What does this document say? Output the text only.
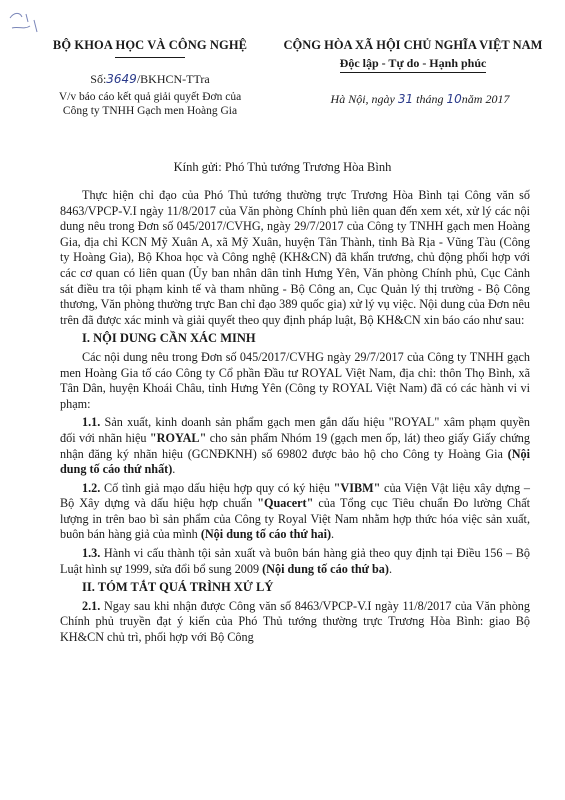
BỘ KHOA HỌC VÀ CÔNG NGHỆ	CỘNG HÒA XÃ HỘI CHỦ NGHĨA VIỆT NAM
Độc lập - Tự do - Hạnh phúc
Số:3649/BKHCN-TTra
V/v báo cáo kết quả giải quyết Đơn của
Công ty TNHH Gạch men Hoàng Gia
Hà Nội, ngày 31 tháng 10năm 2017
Kính gửi: Phó Thủ tướng Trương Hòa Bình

Thực hiện chỉ đạo của Phó Thủ tướng thường trực Trương Hòa Bình tại Công văn số 8463/VPCP-V.I ngày 11/8/2017 của Văn phòng Chính phủ liên quan đến xem xét, xử lý các nội dung nêu trong Đơn số 045/2017/CVHG, ngày 29/7/2017 của Công ty TNHH gạch men Hoàng Gia, địa chỉ KCN Mỹ Xuân A, xã Mỹ Xuân, huyện Tân Thành, tỉnh Bà Rịa - Vũng Tàu (Công ty Hoàng Gia), Bộ Khoa học và Công nghệ (KH&CN) đã khẩn trương, chủ động phối hợp với các cơ quan có liên quan (Ủy ban nhân dân tỉnh Hưng Yên, Văn phòng Chính phủ, Cục Cảnh sát điều tra tội phạm kinh tế và tham nhũng - Bộ Công an, Cục Quản lý thị trường - Bộ Công thương, Văn phòng thường trực Ban chỉ đạo 389 quốc gia) xử lý vụ việc. Nội dung của Đơn nêu trên đã được xác minh và giải quyết theo quy định pháp luật, Bộ KH&CN xin báo cáo như sau:

I. NỘI DUNG CẦN XÁC MINH

Các nội dung nêu trong Đơn số 045/2017/CVHG ngày 29/7/2017 của Công ty TNHH gạch men Hoàng Gia tố cáo Công ty Cổ phần Đầu tư ROYAL Việt Nam, địa chỉ: thôn Thọ Bình, xã Tân Dân, huyện Khoái Châu, tỉnh Hưng Yên (Công ty ROYAL Việt Nam) đã có các hành vi vi phạm:

1.1. Sản xuất, kinh doanh sản phẩm gạch men gắn dấu hiệu "ROYAL" xâm phạm quyền đối với nhãn hiệu "ROYAL" cho sản phẩm Nhóm 19 (gạch men ốp, lát) theo giấy Giấy chứng nhận đăng ký nhãn hiệu (GCNĐKNH) số 69802 được bảo hộ cho Công ty Hoàng Gia (Nội dung tố cáo thứ nhất).

1.2. Cố tình giả mạo dấu hiệu hợp quy có ký hiệu "VIBM" của Viện Vật liệu xây dựng – Bộ Xây dựng và dấu hiệu hợp chuẩn "Quacert" của Tổng cục Tiêu chuẩn Đo lường Chất lượng in trên bao bì sản phẩm của Công ty Royal Việt Nam nhằm hợp thức hóa việc sản xuất, buôn bán hàng giả của mình (Nội dung tố cáo thứ hai).

1.3. Hành vi cấu thành tội sản xuất và buôn bán hàng giả theo quy định tại Điều 156 – Bộ Luật hình sự 1999, sửa đổi bổ sung 2009 (Nội dung tố cáo thứ ba).

II. TÓM TẮT QUÁ TRÌNH XỬ LÝ

2.1. Ngay sau khi nhận được Công văn số 8463/VPCP-V.I ngày 11/8/2017 của Văn phòng Chính phủ truyền đạt ý kiến của Phó Thủ tướng thường trực Trương Hòa Bình: giao Bộ KH&CN chủ trì, phối hợp với Bộ Công
